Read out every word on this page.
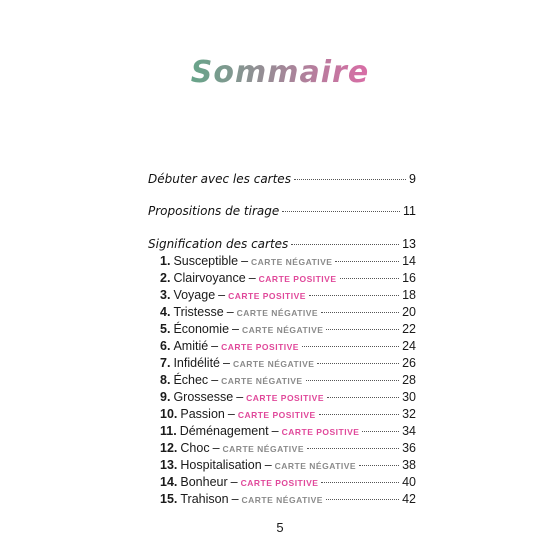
Sommaire
Débuter avec les cartes	9
Propositions de tirage	11
Signification des cartes	13
1. Susceptible – CARTE NÉGATIVE	14
2. Clairvoyance – CARTE POSITIVE	16
3. Voyage – CARTE POSITIVE	18
4. Tristesse – CARTE NÉGATIVE	20
5. Économie – CARTE NÉGATIVE	22
6. Amitié – CARTE POSITIVE	24
7. Infidélité – CARTE NÉGATIVE	26
8. Échec – CARTE NÉGATIVE	28
9. Grossesse – CARTE POSITIVE	30
10. Passion – CARTE POSITIVE	32
11. Déménagement – CARTE POSITIVE	34
12. Choc – CARTE NÉGATIVE	36
13. Hospitalisation – CARTE NÉGATIVE	38
14. Bonheur – CARTE POSITIVE	40
15. Trahison – CARTE NÉGATIVE	42
5
